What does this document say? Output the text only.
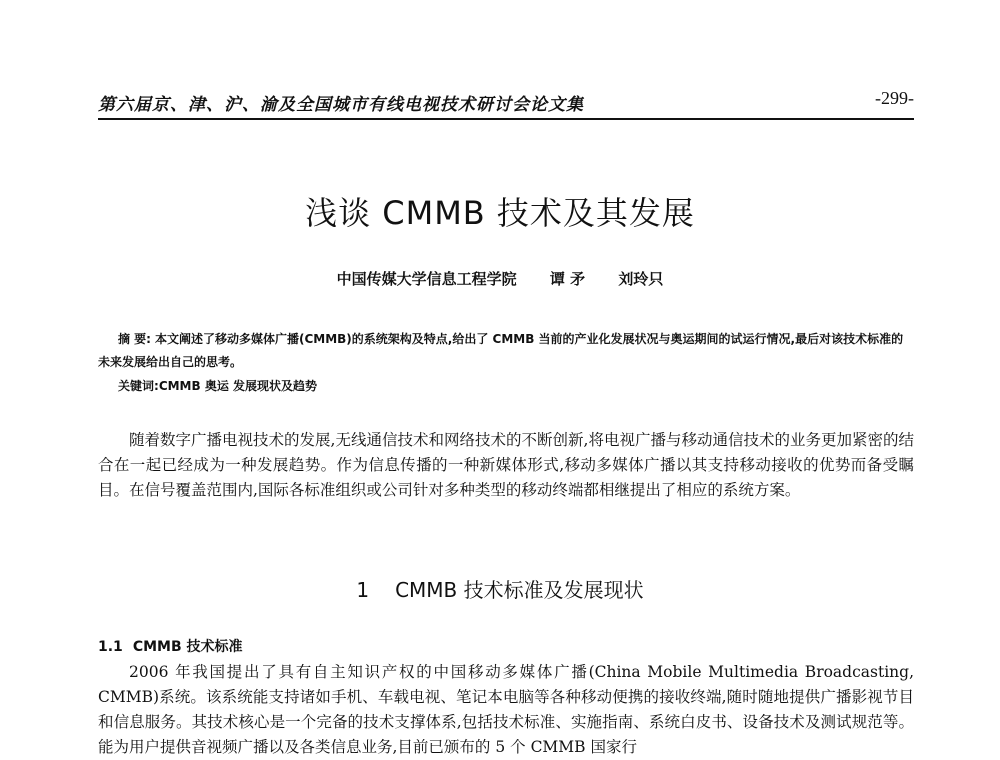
第六届京、津、沪、渝及全国城市有线电视技术研讨会论文集	-299-
浅谈 CMMB 技术及其发展
中国传媒大学信息工程学院 谭 矛 刘玲只
摘 要: 本文阐述了移动多媒体广播(CMMB)的系统架构及特点,给出了 CMMB 当前的产业化发展状况与奥运期间的试运行情况,最后对该技术标准的未来发展给出自己的思考。
关键词:CMMB 奥运 发展现状及趋势
随着数字广播电视技术的发展,无线通信技术和网络技术的不断创新,将电视广播与移动通信技术的业务更加紧密的结合在一起已经成为一种发展趋势。作为信息传播的一种新媒体形式,移动多媒体广播以其支持移动接收的优势而备受瞩目。在信号覆盖范围内,国际各标准组织或公司针对多种类型的移动终端都相继提出了相应的系统方案。
1 CMMB 技术标准及发展现状
1.1 CMMB 技术标准
2006 年我国提出了具有自主知识产权的中国移动多媒体广播(China Mobile Multimedia Broadcasting, CMMB)系统。该系统能支持诸如手机、车载电视、笔记本电脑等各种移动便携的接收终端,随时随地提供广播影视节目和信息服务。其技术核心是一个完备的技术支撑体系,包括技术标准、实施指南、系统白皮书、设备技术及测试规范等。能为用户提供音视频广播以及各类信息业务,目前已颁布的 5 个 CMMB 国家行
